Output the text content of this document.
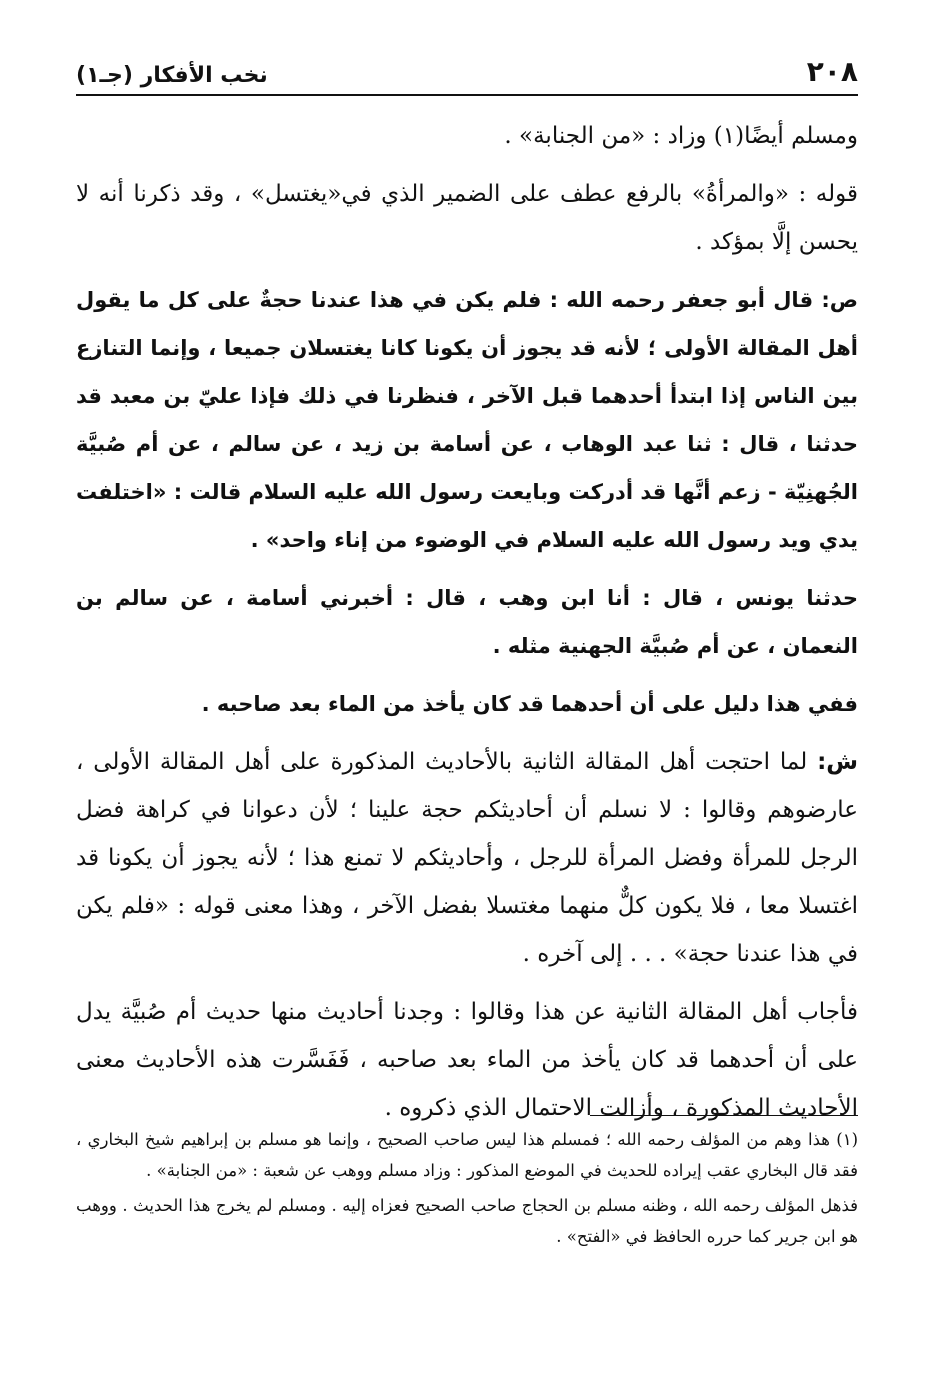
٢٠٨
نخب الأفكار (جـ١)

ومسلم أيضًا(١) وزاد : «من الجنابة» .

قوله : «والمرأةُ» بالرفع عطف على الضمير الذي في«يغتسل» ، وقد ذكرنا أنه لا يحسن إلَّا بمؤكد .

ص: قال أبو جعفر رحمه الله : فلم يكن في هذا عندنا حجةٌ على كل ما يقول أهل المقالة الأولى ؛ لأنه قد يجوز أن يكونا كانا يغتسلان جميعا ، وإنما التنازع بين الناس إذا ابتدأ أحدهما قبل الآخر ، فنظرنا في ذلك فإذا عليّ بن معبد قد حدثنا ، قال : ثنا عبد الوهاب ، عن أسامة بن زيد ، عن سالم ، عن أم صُبيَّة الجُهنِيّة - زعم أنَّها قد أدركت وبايعت رسول الله عليه السلام قالت : «اختلفت يدي ويد رسول الله عليه السلام في الوضوء من إناء واحد» .

حدثنا يونس ، قال : أنا ابن وهب ، قال : أخبرني أسامة ، عن سالم بن النعمان ، عن أم صُبيَّة الجهنية مثله .

ففي هذا دليل على أن أحدهما قد كان يأخذ من الماء بعد صاحبه .

ش: لما احتجت أهل المقالة الثانية بالأحاديث المذكورة على أهل المقالة الأولى ، عارضوهم وقالوا : لا نسلم أن أحاديثكم حجة علينا ؛ لأن دعوانا في كراهة فضل الرجل للمرأة وفضل المرأة للرجل ، وأحاديثكم لا تمنع هذا ؛ لأنه يجوز أن يكونا قد اغتسلا معا ، فلا يكون كلٌّ منهما مغتسلا بفضل الآخر ، وهذا معنى قوله : «فلم يكن في هذا عندنا حجة» . . . إلى آخره .

فأجاب أهل المقالة الثانية عن هذا وقالوا : وجدنا أحاديث منها حديث أم صُبيَّة يدل على أن أحدهما قد كان يأخذ من الماء بعد صاحبه ، فَفَسَّرت هذه الأحاديث معنى الأحاديث المذكورة ، وأزالت الاحتمال الذي ذكروه .

(١) هذا وهم من المؤلف رحمه الله ؛ فمسلم هذا ليس صاحب الصحيح ، وإنما هو مسلم بن إبراهيم شيخ البخاري ، فقد قال البخاري عقب إيراده للحديث في الموضع المذكور : وزاد مسلم ووهب عن شعبة : «من الجنابة» .

فذهل المؤلف رحمه الله ، وظنه مسلم بن الحجاج صاحب الصحيح فعزاه إليه . ومسلم لم يخرج هذا الحديث . ووهب هو ابن جرير كما حرره الحافظ في «الفتح» .
